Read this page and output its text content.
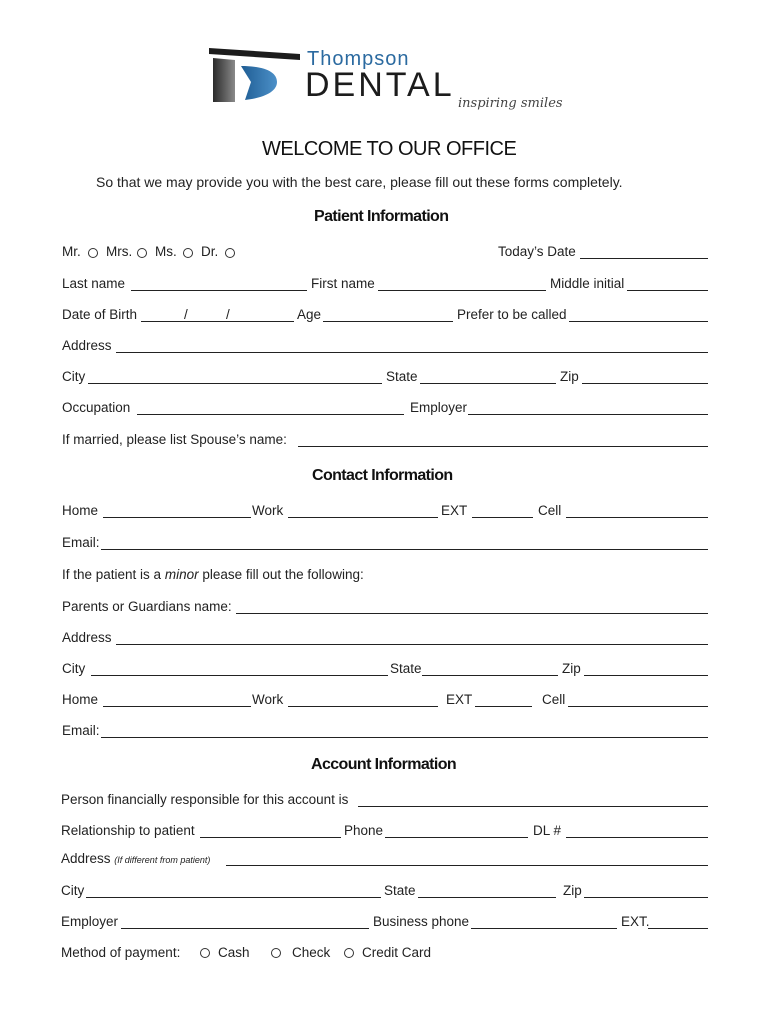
Thompson
DENTAL inspiring smiles
WELCOME TO OUR OFFICE
So that we may provide you with the best care, please fill out these forms completely.
Patient Information
Mr. Mrs. Ms. Dr.	Today’s Date
Last name	First name	Middle initial
Date of Birth	/	/	Age	Prefer to be called
Address
City	State	Zip
Occupation	Employer
If married, please list Spouse’s name:
Contact Information
Home	Work	EXT	Cell
Email:
If the patient is a minor please fill out the following:
Parents or Guardians name:
Address
City	State	Zip
Home	Work	EXT	Cell
Email:
Account Information
Person financially responsible for this account is
Relationship to patient	Phone	DL #
Address (If different from patient)
City	State	Zip
Employer	Business phone	EXT.
Method of payment:	Cash	Check Credit Card
